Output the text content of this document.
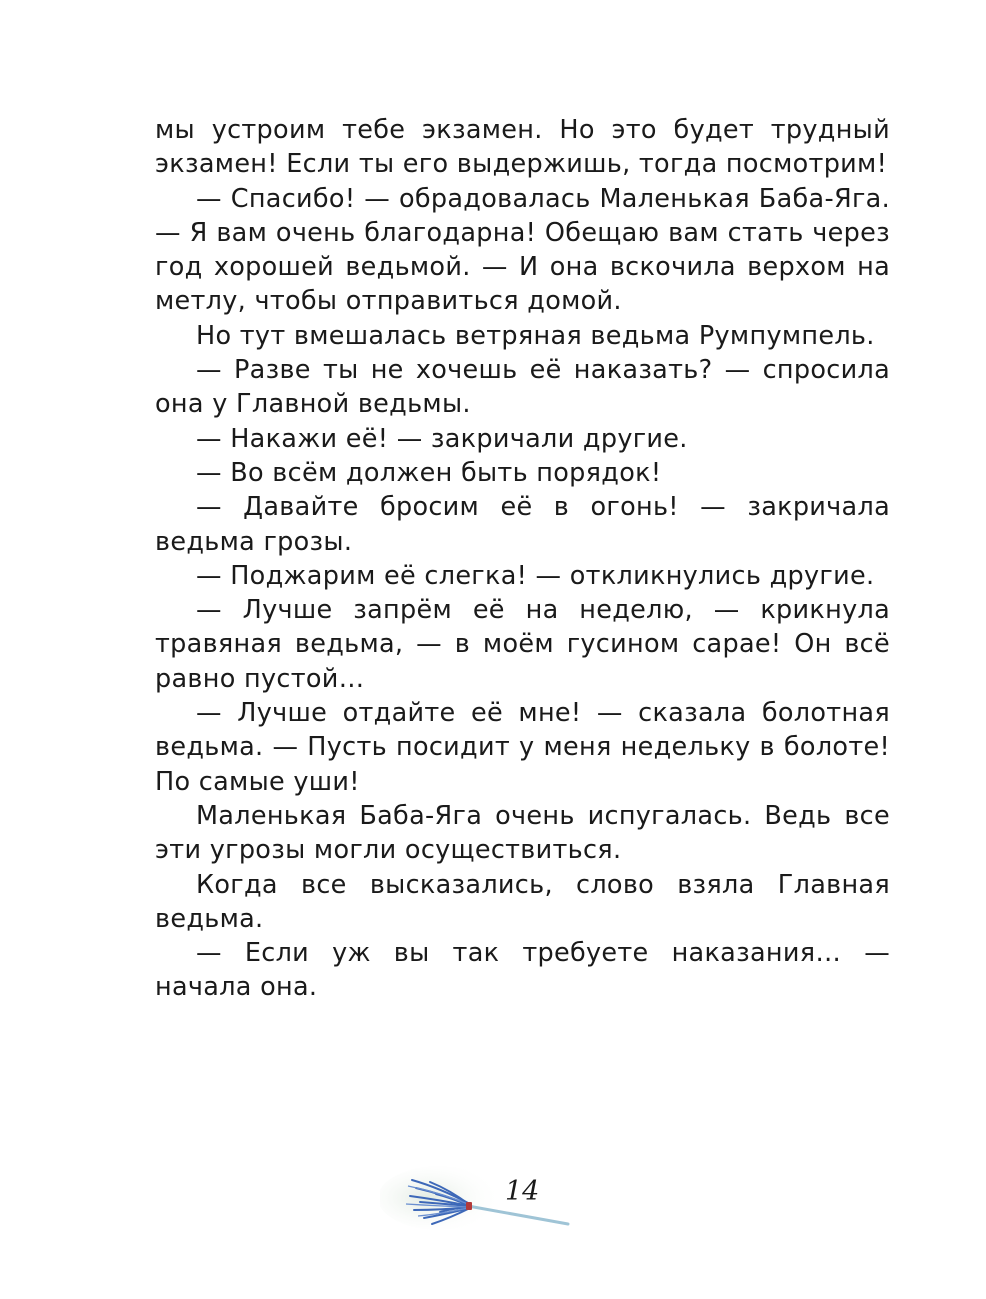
мы устроим тебе экзамен. Но это будет трудный экзамен! Если ты его выдержишь, тогда посмотрим!

— Спасибо! — обрадовалась Маленькая Баба-Яга. — Я вам очень благодарна! Обещаю вам стать через год хорошей ведьмой. — И она вскочила верхом на метлу, чтобы отправиться домой.

Но тут вмешалась ветряная ведьма Румпумпель.

— Разве ты не хочешь её наказать? — спросила она у Главной ведьмы.

— Накажи её! — закричали другие.

— Во всём должен быть порядок!

— Давайте бросим её в огонь! — закричала ведьма грозы.

— Поджарим её слегка! — откликнулись другие.

— Лучше запрём её на неделю, — крикнула травяная ведьма, — в моём гусином сарае! Он всё равно пустой…

— Лучше отдайте её мне! — сказала болотная ведьма. — Пусть посидит у меня недельку в болоте! По самые уши!

Маленькая Баба-Яга очень испугалась. Ведь все эти угрозы могли осуществиться.

Когда все высказались, слово взяла Главная ведьма.

— Если уж вы так требуете наказания… — начала она.

14
